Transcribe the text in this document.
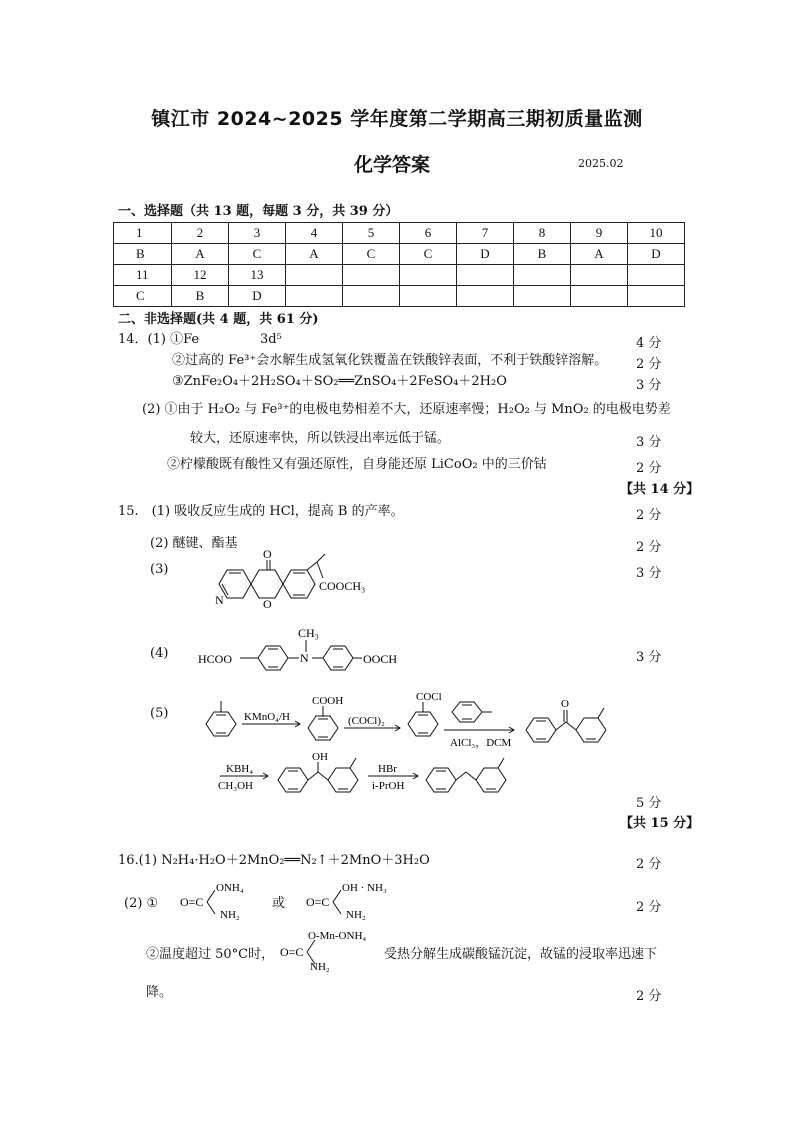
镇江市 2024~2025 学年度第二学期高三期初质量监测
化学答案	2025.02
一、选择题（共 13 题，每题 3 分，共 39 分）
1	2	3	4	5	6	7	8	9	10
B	A	C	A	C	C	D	B	A	D
11	12	13							
C	B	D							
二、非选择题(共 4 题，共 61 分)
14．(1) ①Fe	3d⁵	4 分
②过高的 Fe³⁺会水解生成氢氧化铁覆盖在铁酸锌表面，不利于铁酸锌溶解。 2 分
③ZnFe₂O₄＋2H₂SO₄＋SO₂══ZnSO₄＋2FeSO₄＋2H₂O	3 分
(2) ①由于 H₂O₂ 与 Fe³⁺的电极电势相差不大，还原速率慢；H₂O₂ 与 MnO₂ 的电极电势差
较大，还原速率快，所以铁浸出率远低于锰。	3 分
②柠檬酸既有酸性又有强还原性，自身能还原 LiCoO₂ 中的三价钴	2 分
【共 14 分】
15.　(1) 吸收反应生成的 HCl，提高 B 的产率。	2 分
(2) 醚键、酯基	2 分
(3)	3 分
O
N	O
COOCH₃
(4)	3 分
HCOO
CH₃
N	OOCH
(5)	KMnO₄/H
COOH
(COCl)₂
COCl
AlCl₃，DCM
O
KBH₄
CH₃OH
OH
HBr
i-PrOH
5 分
【共 15 分】
16.(1) N₂H₄·H₂O＋2MnO₂══N₂↑＋2MnO＋3H₂O	2 分
(2) ① O=C
ONH₄
NH₂
或 O=C
OH · NH₃
NH₂	2 分
②温度超过 50°C时， O=C
O-Mn-ONH₄
NH₂
受热分解生成碳酸锰沉淀，故锰的浸取率迅速下
降。	2 分
